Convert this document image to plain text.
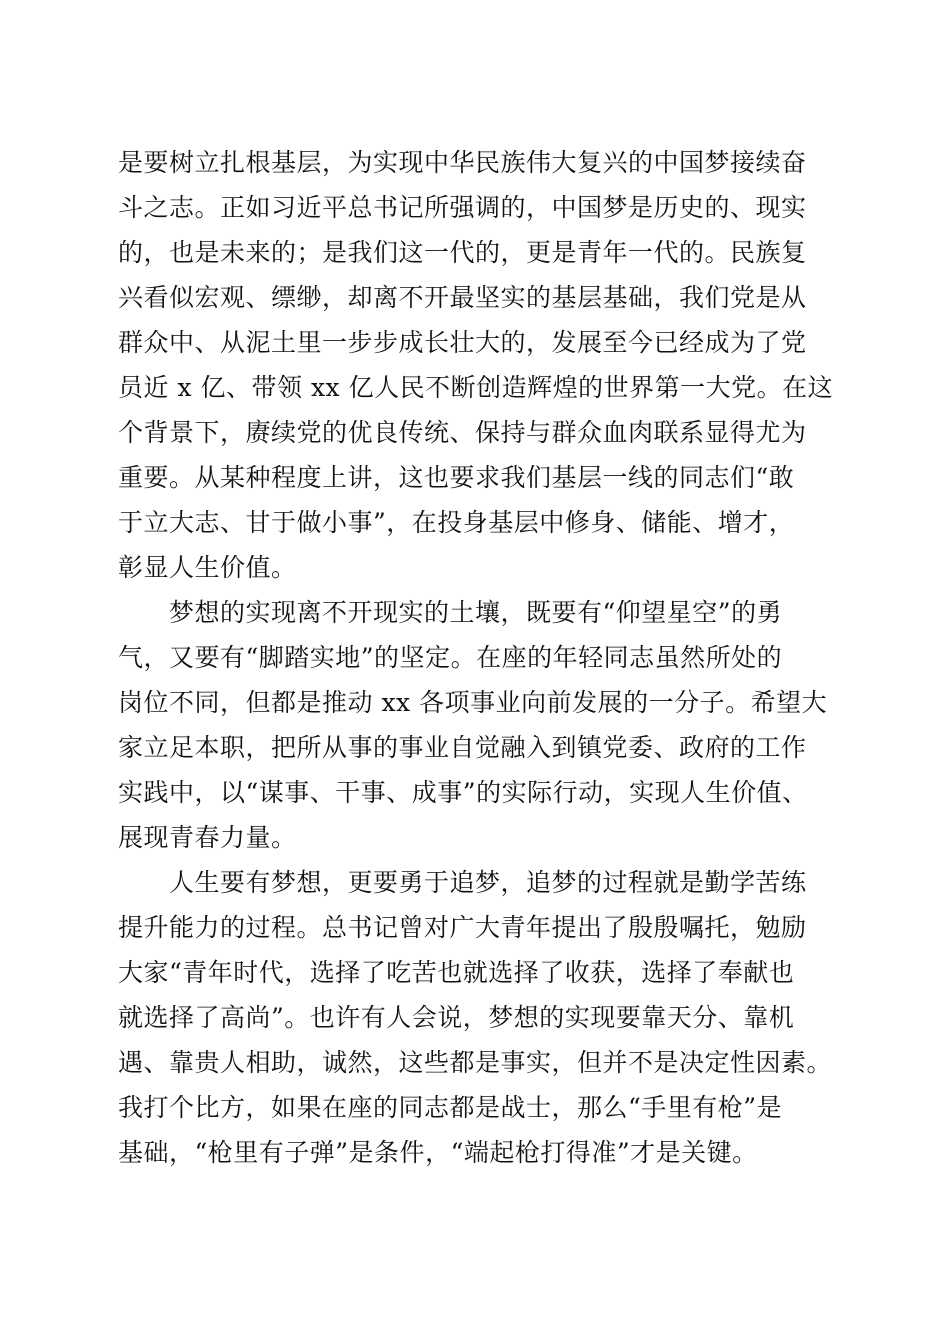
是要树立扎根基层，为实现中华民族伟大复兴的中国梦接续奋
斗之志。正如习近平总书记所强调的，中国梦是历史的、现实
的，也是未来的；是我们这一代的，更是青年一代的。民族复
兴看似宏观、缥缈，却离不开最坚实的基层基础，我们党是从
群众中、从泥土里一步步成长壮大的，发展至今已经成为了党
员近 x 亿、带领 xx 亿人民不断创造辉煌的世界第一大党。在这
个背景下，赓续党的优良传统、保持与群众血肉联系显得尤为
重要。从某种程度上讲，这也要求我们基层一线的同志们“敢
于立大志、甘于做小事”，在投身基层中修身、储能、增才，
彰显人生价值。
　　梦想的实现离不开现实的土壤，既要有“仰望星空”的勇
气，又要有“脚踏实地”的坚定。在座的年轻同志虽然所处的
岗位不同，但都是推动 xx 各项事业向前发展的一分子。希望大
家立足本职，把所从事的事业自觉融入到镇党委、政府的工作
实践中，以“谋事、干事、成事”的实际行动，实现人生价值、
展现青春力量。
　　人生要有梦想，更要勇于追梦，追梦的过程就是勤学苦练
提升能力的过程。总书记曾对广大青年提出了殷殷嘱托，勉励
大家“青年时代，选择了吃苦也就选择了收获，选择了奉献也
就选择了高尚”。也许有人会说，梦想的实现要靠天分、靠机
遇、靠贵人相助，诚然，这些都是事实，但并不是决定性因素。
我打个比方，如果在座的同志都是战士，那么“手里有枪”是
基础，“枪里有子弹”是条件，“端起枪打得准”才是关键。
